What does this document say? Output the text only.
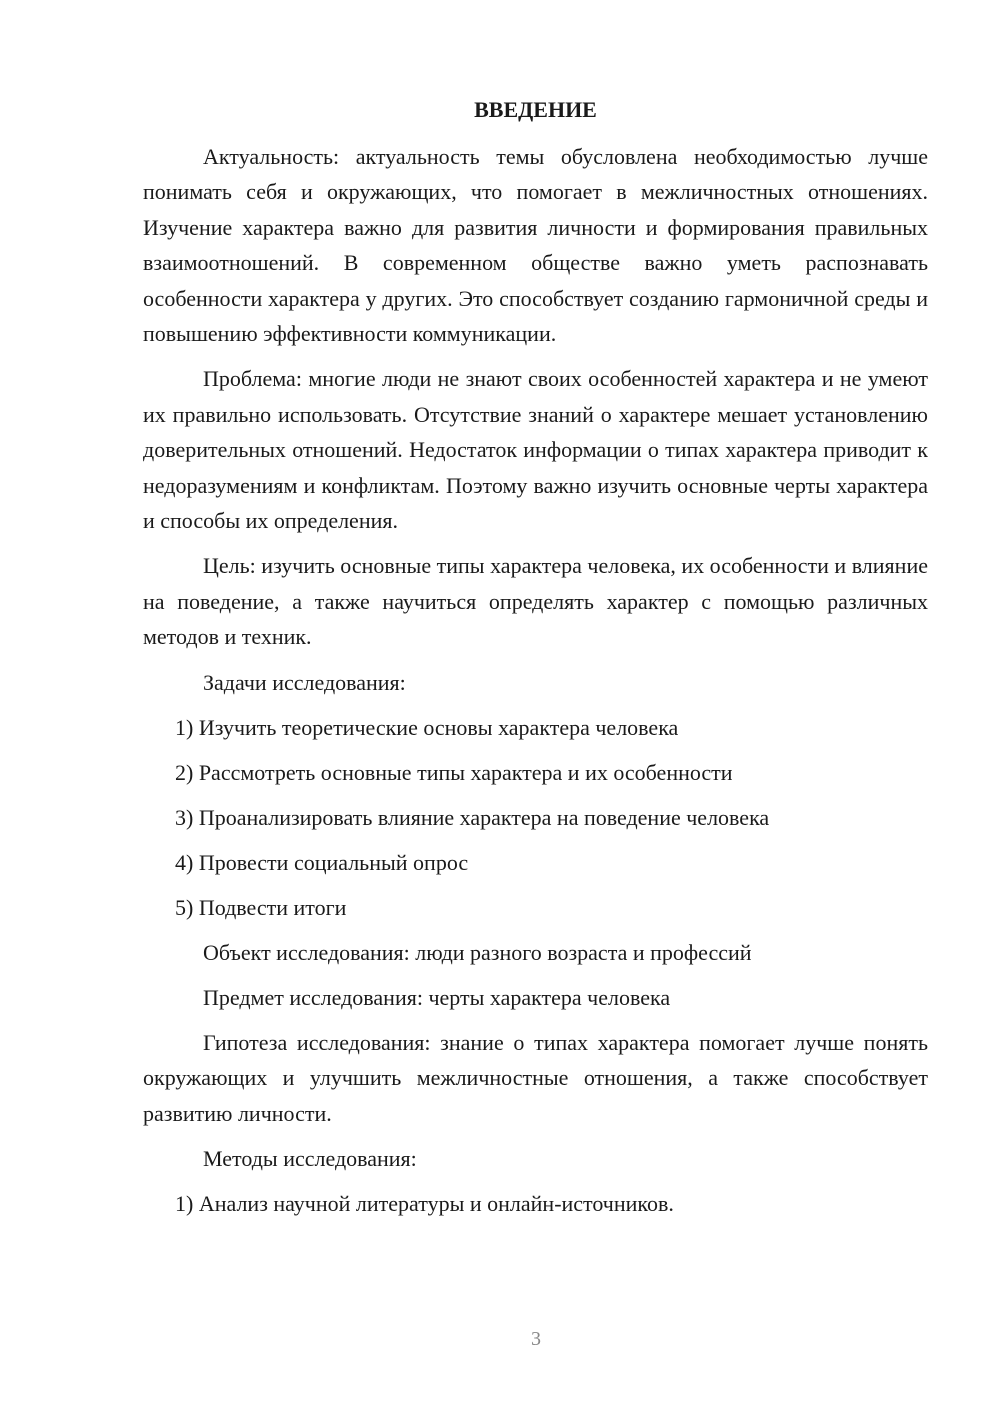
ВВЕДЕНИЕ

Актуальность: актуальность темы обусловлена необходимостью лучше понимать себя и окружающих, что помогает в межличностных отношениях. Изучение характера важно для развития личности и формирования правильных взаимоотношений. В современном обществе важно уметь распознавать особенности характера у других. Это способствует созданию гармоничной среды и повышению эффективности коммуникации.

Проблема: многие люди не знают своих особенностей характера и не умеют их правильно использовать. Отсутствие знаний о характере мешает установлению доверительных отношений. Недостаток информации о типах характера приводит к недоразумениям и конфликтам. Поэтому важно изучить основные черты характера и способы их определения.

Цель: изучить основные типы характера человека, их особенности и влияние на поведение, а также научиться определять характер с помощью различных методов и техник.

Задачи исследования:
1) Изучить теоретические основы характера человека
2) Рассмотреть основные типы характера и их особенности
3) Проанализировать влияние характера на поведение человека
4) Провести социальный опрос
5) Подвести итоги
Объект исследования: люди разного возраста и профессий
Предмет исследования: черты характера человека

Гипотеза исследования: знание о типах характера помогает лучше понять окружающих и улучшить межличностные отношения, а также способствует развитию личности.

Методы исследования:
1) Анализ научной литературы и онлайн-источников.
3
